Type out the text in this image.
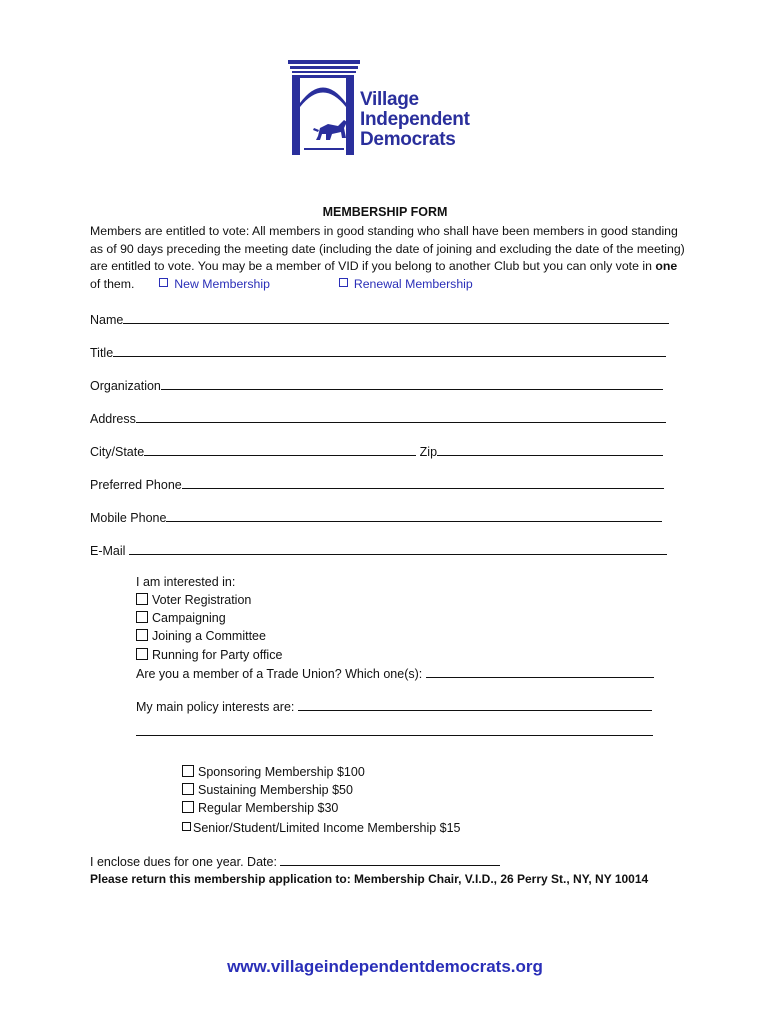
Village
Independent
Democrats
MEMBERSHIP FORM
Members are entitled to vote: All members in good standing who shall have been members in good standing as of 90 days preceding the meeting date (including the date of joining and excluding the date of the meeting) are entitled to vote. You may be a member of VID if you belong to another Club but you can only vote in one of them.	New Membership	Renewal Membership
Name
Title
Organization
Address
City/State	Zip
Preferred Phone
Mobile Phone
E-Mail
I am interested in:
Voter Registration
Campaigning
Joining a Committee
Running for Party office
Are you a member of a Trade Union? Which one(s):
My main policy interests are:
Sponsoring Membership $100
Sustaining Membership $50
Regular Membership $30
Senior/Student/Limited Income Membership $15
I enclose dues for one year. Date:
Please return this membership application to: Membership Chair, V.I.D., 26 Perry St., NY, NY 10014
www.villageindependentdemocrats.org
